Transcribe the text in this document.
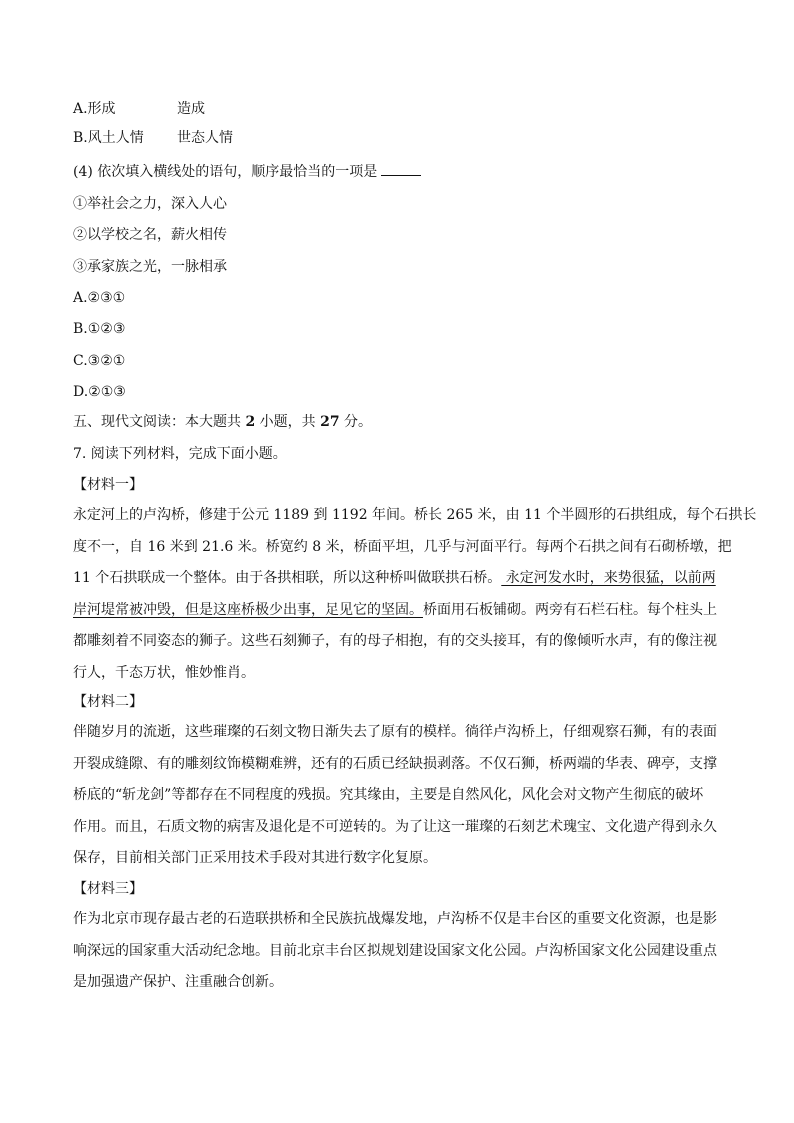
A.形成	造成
B.风土人情 世态人情
(4) 依次填入横线处的语句，顺序最恰当的一项是
①举社会之力，深入人心
②以学校之名，薪火相传
③承家族之光，一脉相承
A.②③①
B.①②③
C.③②①
D.②①③
五、现代文阅读：本大题共 2 小题，共 27 分。
7. 阅读下列材料，完成下面小题。
【材料一】
永定河上的卢沟桥，修建于公元 1189 到 1192 年间。桥长 265 米，由 11 个半圆形的石拱组成，每个石拱长
度不一，自 16 米到 21.6 米。桥宽约 8 米，桥面平坦，几乎与河面平行。每两个石拱之间有石砌桥墩，把
11 个石拱联成一个整体。由于各拱相联，所以这种桥叫做联拱石桥。 永定河发水时，来势很猛，以前两
岸河堤常被冲毁，但是这座桥极少出事，足见它的坚固。桥面用石板铺砌。两旁有石栏石柱。每个柱头上
都雕刻着不同姿态的狮子。这些石刻狮子，有的母子相抱，有的交头接耳，有的像倾听水声，有的像注视
行人，千态万状，惟妙惟肖。
【材料二】
伴随岁月的流逝，这些璀璨的石刻文物日渐失去了原有的模样。徜徉卢沟桥上，仔细观察石狮，有的表面
开裂成缝隙、有的雕刻纹饰模糊难辨，还有的石质已经缺损剥落。不仅石狮，桥两端的华表、碑亭，支撑
桥底的“斩龙剑”等都存在不同程度的残损。究其缘由，主要是自然风化，风化会对文物产生彻底的破坏
作用。而且，石质文物的病害及退化是不可逆转的。为了让这一璀璨的石刻艺术瑰宝、文化遗产得到永久
保存，目前相关部门正采用技术手段对其进行数字化复原。
【材料三】
作为北京市现存最古老的石造联拱桥和全民族抗战爆发地，卢沟桥不仅是丰台区的重要文化资源，也是影
响深远的国家重大活动纪念地。目前北京丰台区拟规划建设国家文化公园。卢沟桥国家文化公园建设重点
是加强遗产保护、注重融合创新。
